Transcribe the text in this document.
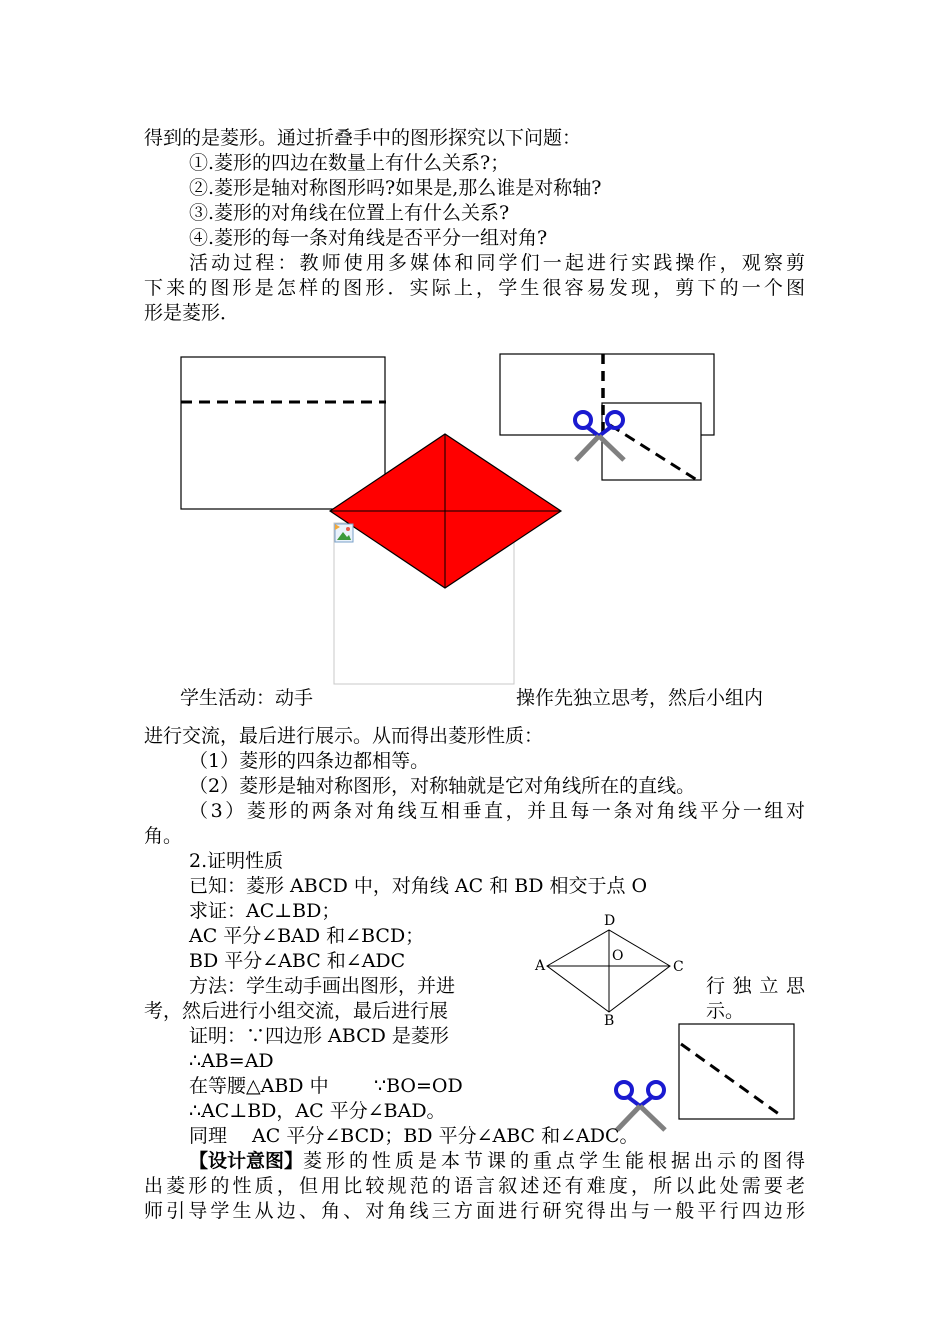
得到的是菱形。通过折叠手中的图形探究以下问题：
①.菱形的四边在数量上有什么关系?；
②.菱形是轴对称图形吗?如果是,那么谁是对称轴?
③.菱形的对角线在位置上有什么关系?
④.菱形的每一条对角线是否平分一组对角?
活动过程：教师使用多媒体和同学们一起进行实践操作，观察剪
下来的图形是怎样的图形．实际上，学生很容易发现，剪下的一个图
形是菱形．
学生活动：动手	操作先独立思考，然后小组内
进行交流，最后进行展示。从而得出菱形性质：
（1）菱形的四条边都相等。
（2）菱形是轴对称图形，对称轴就是它对角线所在的直线。
（3）菱形的两条对角线互相垂直，并且每一条对角线平分一组对
角。
2.证明性质
已知：菱形 ABCD 中，对角线 AC 和 BD 相交于点 O
求证：AC⊥BD；
AC 平分∠BAD 和∠BCD；
BD 平分∠ABC 和∠ADC
方法：学生动手画出图形，并进	行独立思
考，然后进行小组交流，最后进行展	示。
证明：∵四边形 ABCD 是菱形
∴AB=AD
在等腰△ABD 中 ∵BO=OD
∴AC⊥BD，AC 平分∠BAD。
同理　 AC 平分∠BCD；BD 平分∠ABC 和∠ADC。
D
O
A	C
B
【设计意图】 菱形的性质是本节课的重点学生能根据出示的图得
出菱形的性质，但用比较规范的语言叙述还有难度，所以此处需要老
师引导学生从边、角、对角线三方面进行研究得出与一般平行四边形
